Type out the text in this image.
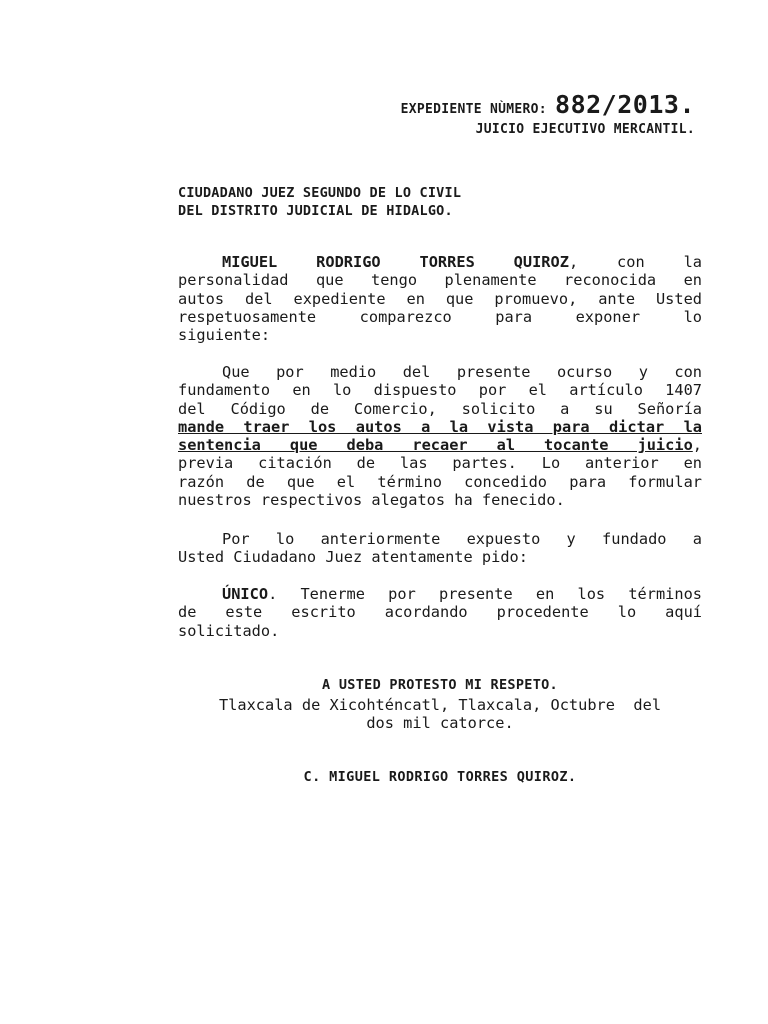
EXPEDIENTE NÙMERO: 882/2013.
JUICIO EJECUTIVO MERCANTIL.
CIUDADANO JUEZ SEGUNDO DE LO CIVIL
DEL DISTRITO JUDICIAL DE HIDALGO.
MIGUEL RODRIGO TORRES QUIROZ, con la
personalidad que tengo plenamente reconocida en
autos del expediente en que promuevo, ante Usted
respetuosamente comparezco para exponer lo
siguiente:
Que por medio del presente ocurso y con
fundamento en lo dispuesto por el artículo 1407
del Código de Comercio, solicito a su Señoría
mande traer los autos a la vista para dictar la
sentencia que deba recaer al tocante juicio,
previa citación de las partes. Lo anterior en
razón de que el término concedido para formular
nuestros respectivos alegatos ha fenecido.
Por lo anteriormente expuesto y fundado a
Usted Ciudadano Juez atentamente pido:
ÚNICO. Tenerme por presente en los términos
de este escrito acordando procedente lo aquí
solicitado.
A USTED PROTESTO MI RESPETO.
Tlaxcala de Xicohténcatl, Tlaxcala, Octubre  del
dos mil catorce.
C. MIGUEL RODRIGO TORRES QUIROZ.
